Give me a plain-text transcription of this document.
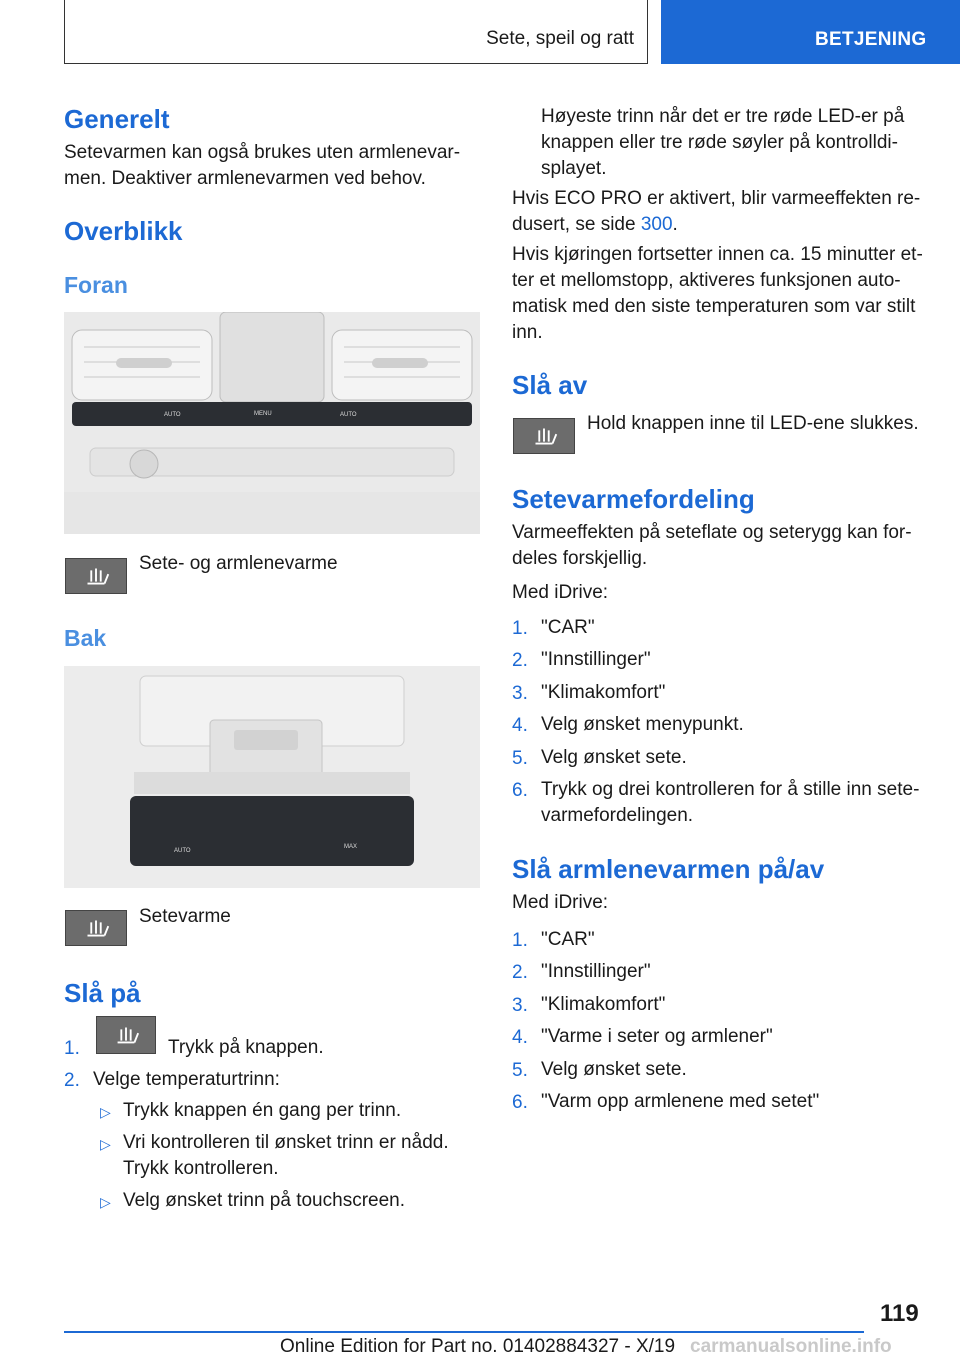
Sete, speil og ratt	BETJENING
Generelt
Setevarmen kan også brukes uten armlenevar-
men. Deaktiver armlenevarmen ved behov.
Overblikk
Foran
AUTO	MENU	AUTO
Sete- og armlenevarme
Bak
AUTO
MAX
Setevarme
Slå på
1.	Trykk på knappen.
2. Velge temperaturtrinn:
▷ Trykk knappen én gang per trinn.
▷ Vri kontrolleren til ønsket trinn er nådd.
Trykk kontrolleren.
▷ Velg ønsket trinn på touchscreen.
Høyeste trinn når det er tre røde LED-er på
knappen eller tre røde søyler på kontrolldi-
splayet.
Hvis ECO PRO er aktivert, blir varmeeffekten re-
dusert, se side 300.
Hvis kjøringen fortsetter innen ca. 15 minutter et-
ter et mellomstopp, aktiveres funksjonen auto-
matisk med den siste temperaturen som var stilt
inn.
Slå av
Hold knappen inne til LED-ene slukkes.
Setevarmefordeling
Varmeeffekten på seteflate og seterygg kan for-
deles forskjellig.
Med iDrive:
1. "CAR"
2. "Innstillinger"
3. "Klimakomfort"
4. Velg ønsket menypunkt.
5. Velg ønsket sete.
6. Trykk og drei kontrolleren for å stille inn sete-
varmefordelingen.
Slå armlenevarmen på/av
Med iDrive:
1. "CAR"
2. "Innstillinger"
3. "Klimakomfort"
4. "Varme i seter og armlener"
5. Velg ønsket sete.
6. "Varm opp armlenene med setet"
119
Online Edition for Part no. 01402884327 - X/19 carmanualsonline.info
